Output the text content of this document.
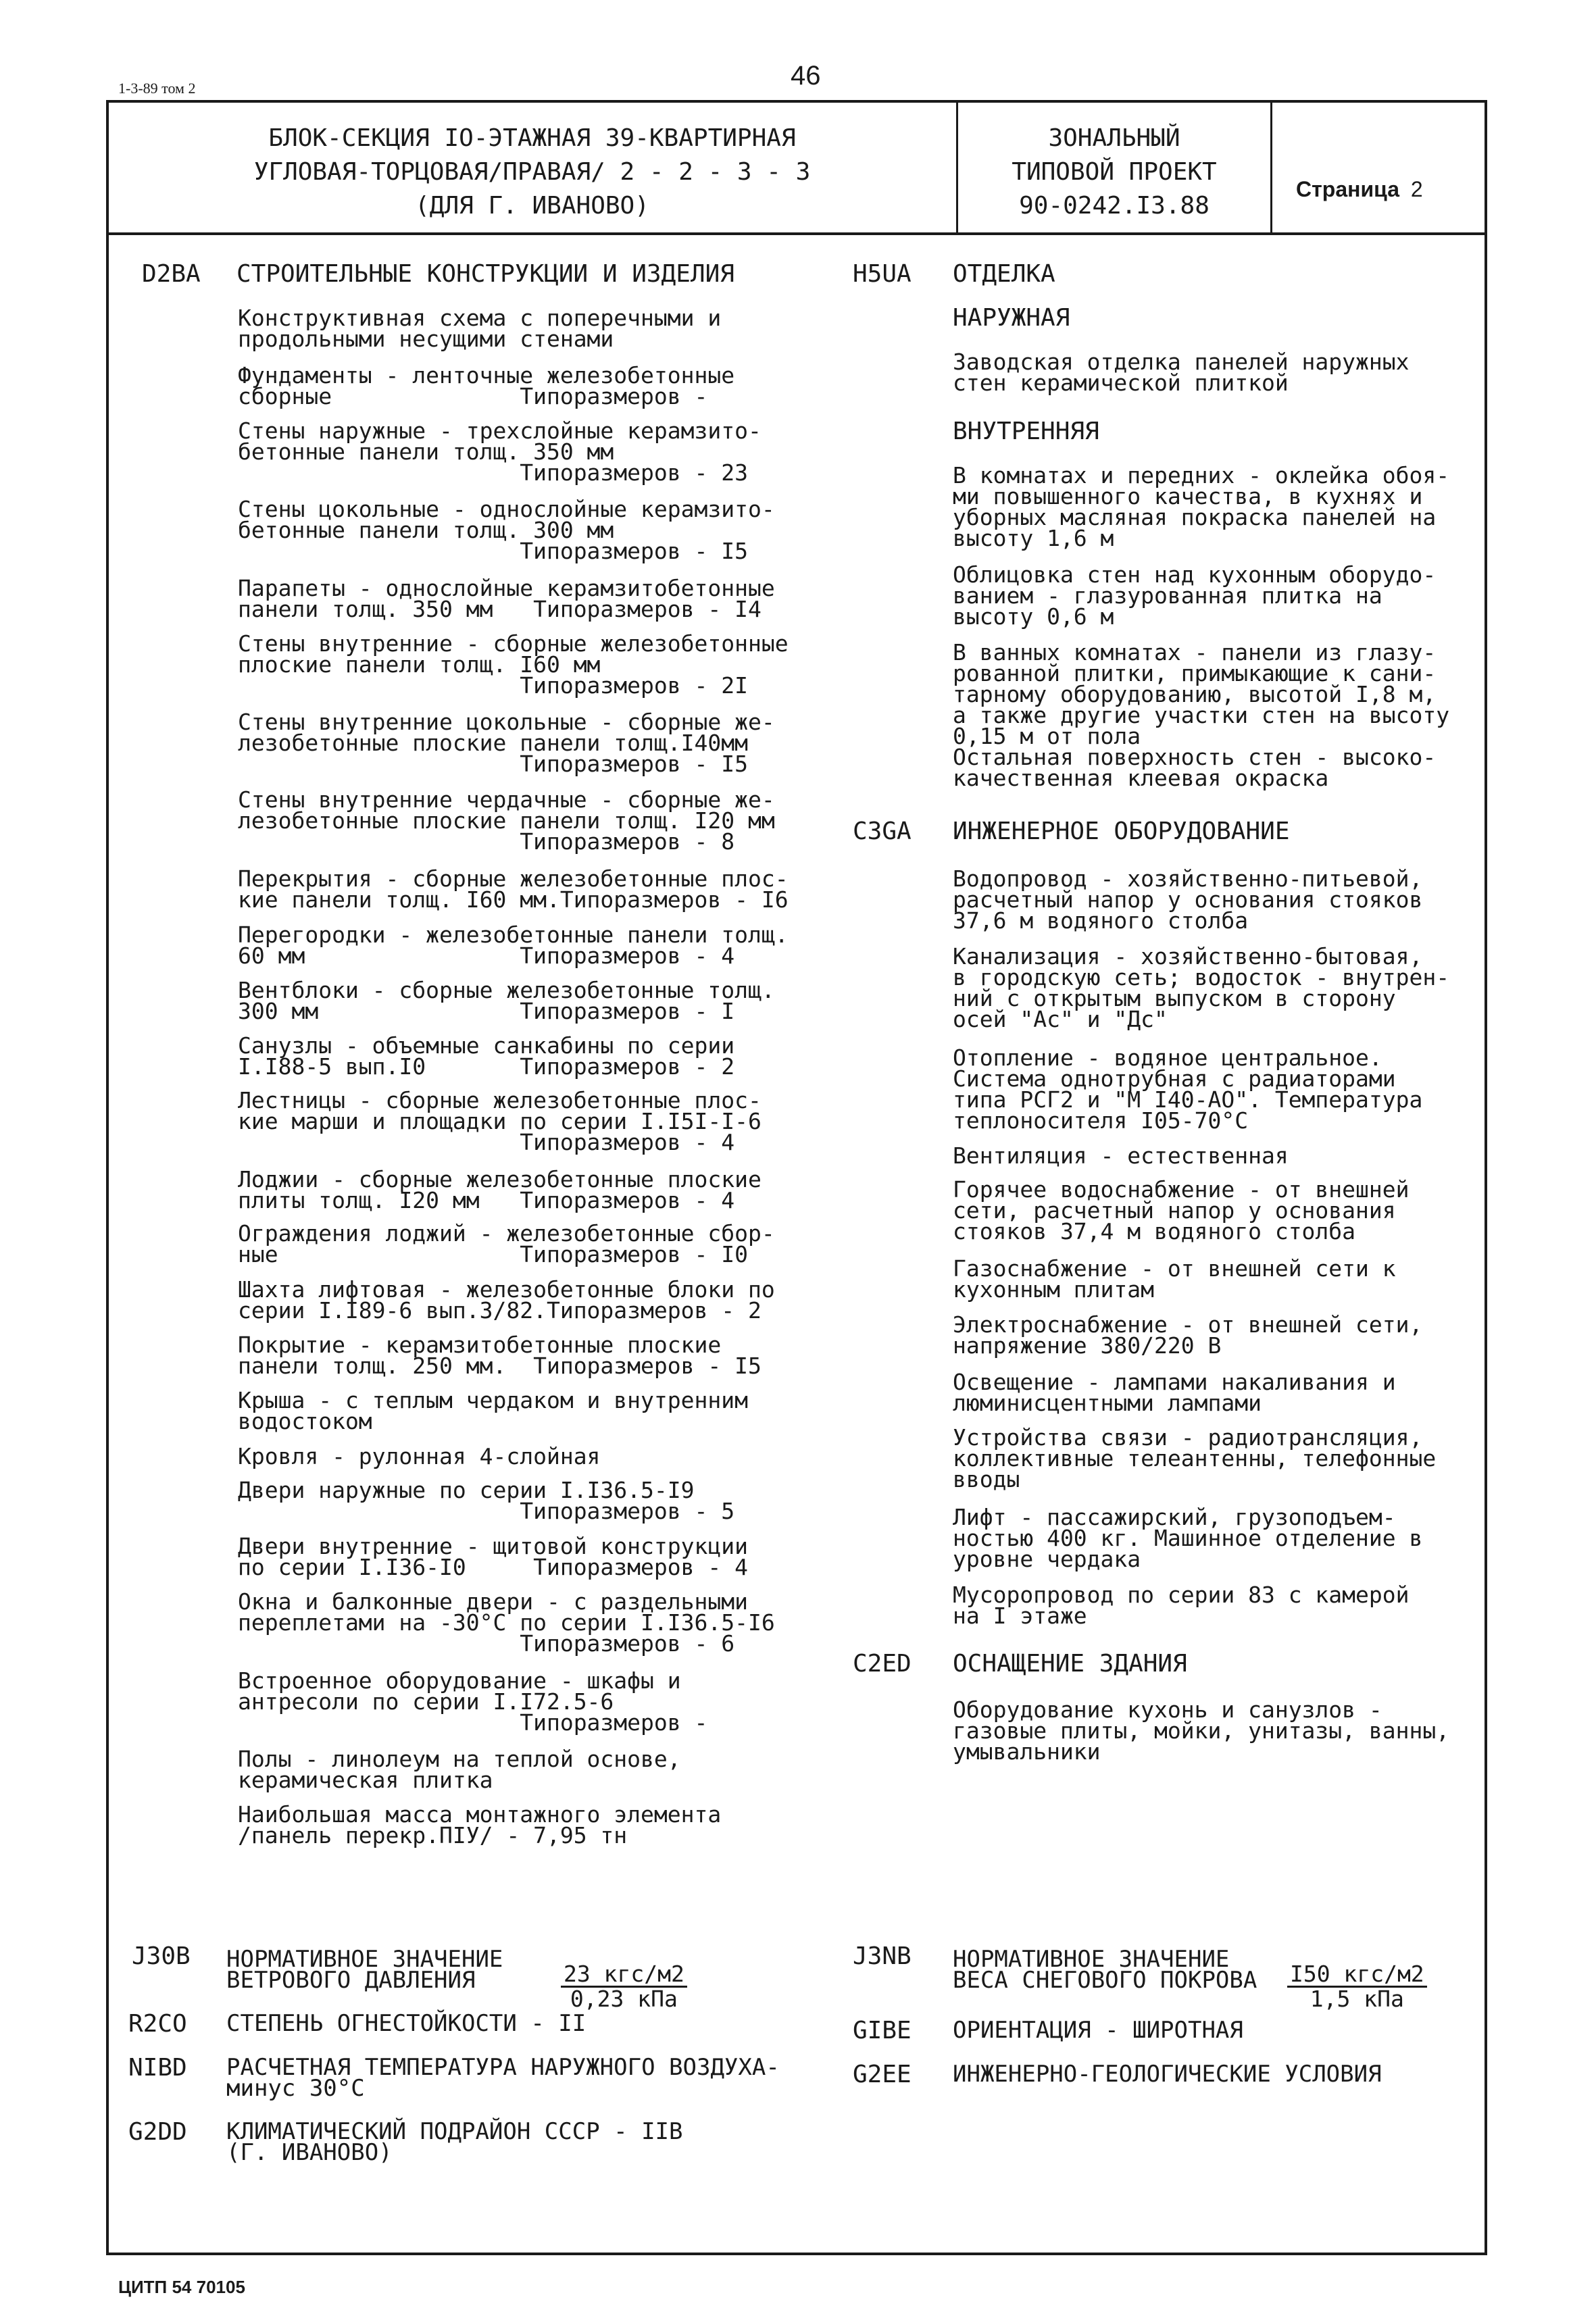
1-3-89 том 2	46
БЛОК-СЕКЦИЯ IO-ЭТАЖНАЯ 39-КВАРТИРНАЯ
УГЛОВАЯ-ТОРЦОВАЯ/ПРАВАЯ/ 2 - 2 - 3 - 3
(ДЛЯ Г. ИВАНОВО)
ЗОНАЛЬНЫЙ
ТИПОВОЙ ПРОЕКТ
90-0242.I3.88
Страница 2
D2BA СТРОИТЕЛЬНЫЕ КОНСТРУКЦИИ И ИЗДЕЛИЯ
Конструктивная схема с поперечными и
продольными несущими стенами
Фундаменты - ленточные железобетонные
сборные              Типоразмеров -
Стены наружные - трехслойные керамзито-
бетонные панели толщ. 350 мм
Типоразмеров - 23
Стены цокольные - однослойные керамзито-
бетонные панели толщ. 300 мм
Типоразмеров - I5
Парапеты - однослойные керамзитобетонные
панели толщ. 350 мм   Типоразмеров - I4
Стены внутренние - сборные железобетонные
плоские панели толщ. I60 мм
Типоразмеров - 2I
Стены внутренние цокольные - сборные же-
лезобетонные плоские панели толщ.I40мм
Типоразмеров - I5
Стены внутренние чердачные - сборные же-
лезобетонные плоские панели толщ. I20 мм
Типоразмеров - 8
Перекрытия - сборные железобетонные плос-
кие панели толщ. I60 мм.Типоразмеров - I6
Перегородки - железобетонные панели толщ.
60 мм                Типоразмеров - 4
Вентблоки - сборные железобетонные толщ.
300 мм               Типоразмеров - I
Санузлы - объемные санкабины по серии
I.I88-5 вып.I0       Типоразмеров - 2
Лестницы - сборные железобетонные плос-
кие марши и площадки по серии I.I5I-I-6
Типоразмеров - 4
Лоджии - сборные железобетонные плоские
плиты толщ. I20 мм   Типоразмеров - 4
Ограждения лоджий - железобетонные сбор-
ные                  Типоразмеров - I0
Шахта лифтовая - железобетонные блоки по
серии I.I89-6 вып.3/82.Типоразмеров - 2
Покрытие - керамзитобетонные плоские
панели толщ. 250 мм.  Типоразмеров - I5
Крыша - с теплым чердаком и внутренним
водостоком
Кровля - рулонная 4-слойная
Двери наружные по серии I.I36.5-I9
Типоразмеров - 5
Двери внутренние - щитовой конструкции
по серии I.I36-I0     Типоразмеров - 4
Окна и балконные двери - с раздельными
переплетами на -30°С по серии I.I36.5-I6
Типоразмеров - 6
Встроенное оборудование - шкафы и
антресоли по серии I.I72.5-6
Типоразмеров -
Полы - линолеум на теплой основе,
керамическая плитка
Наибольшая масса монтажного элемента
/панель перекр.ПIУ/ - 7,95 тн
H5UA ОТДЕЛКА
НАРУЖНАЯ
Заводская отделка панелей наружных
стен керамической плиткой
ВНУТРЕННЯЯ
В комнатах и передних - оклейка обоя-
ми повышенного качества, в кухнях и
уборных масляная покраска панелей на
высоту 1,6 м
Облицовка стен над кухонным оборудо-
ванием - глазурованная плитка на
высоту 0,6 м
В ванных комнатах - панели из глазу-
рованной плитки, примыкающие к сани-
тарному оборудованию, высотой I,8 м,
а также другие участки стен на высоту
0,15 м от пола
Остальная поверхность стен - высоко-
качественная клеевая окраска
C3GA ИНЖЕНЕРНОЕ ОБОРУДОВАНИЕ
Водопровод - хозяйственно-питьевой,
расчетный напор у основания стояков
37,6 м водяного столба
Канализация - хозяйственно-бытовая,
в городскую сеть; водосток - внутрен-
ний с открытым выпуском в сторону
осей "Ас" и "Дс"
Отопление - водяное центральное.
Система однотрубная с радиаторами
типа РСГ2 и "М I40-АО". Температура
теплоносителя I05-70°С
Вентиляция - естественная
Горячее водоснабжение - от внешней
сети, расчетный напор у основания
стояков 37,4 м водяного столба
Газоснабжение - от внешней сети к
кухонным плитам
Электроснабжение - от внешней сети,
напряжение 380/220 В
Освещение - лампами накаливания и
люминисцентными лампами
Устройства связи - радиотрансляция,
коллективные телеантенны, телефонные
вводы
Лифт - пассажирский, грузоподъем-
ностью 400 кг. Машинное отделение в
уровне чердака
Мусоропровод по серии 83 с камерой
на I этаже
C2ED ОСНАЩЕНИЕ ЗДАНИЯ
Оборудование кухонь и санузлов -
газовые плиты, мойки, унитазы, ванны,
умывальники
J30B НОРМАТИВНОЕ ЗНАЧЕНИЕ
ВЕТРОВОГО ДАВЛЕНИЯ	23 кгс/м2
0,23 кПа
J3NB НОРМАТИВНОЕ ЗНАЧЕНИЕ
ВЕСА СНЕГОВОГО ПОКРОВА I50 кгс/м2
1,5 кПа
R2CO СТЕПЕНЬ ОГНЕСТОЙКОСТИ - II	GIBE ОРИЕНТАЦИЯ - ШИРОТНАЯ
NIBD РАСЧЕТНАЯ ТЕМПЕРАТУРА НАРУЖНОГО ВОЗДУХА-
минус 30°С	G2EE ИНЖЕНЕРНО-ГЕОЛОГИЧЕСКИЕ УСЛОВИЯ
G2DD КЛИМАТИЧЕСКИЙ ПОДРАЙОН СССР - IIВ
(Г. ИВАНОВО)
ЦИТП 54 70105
